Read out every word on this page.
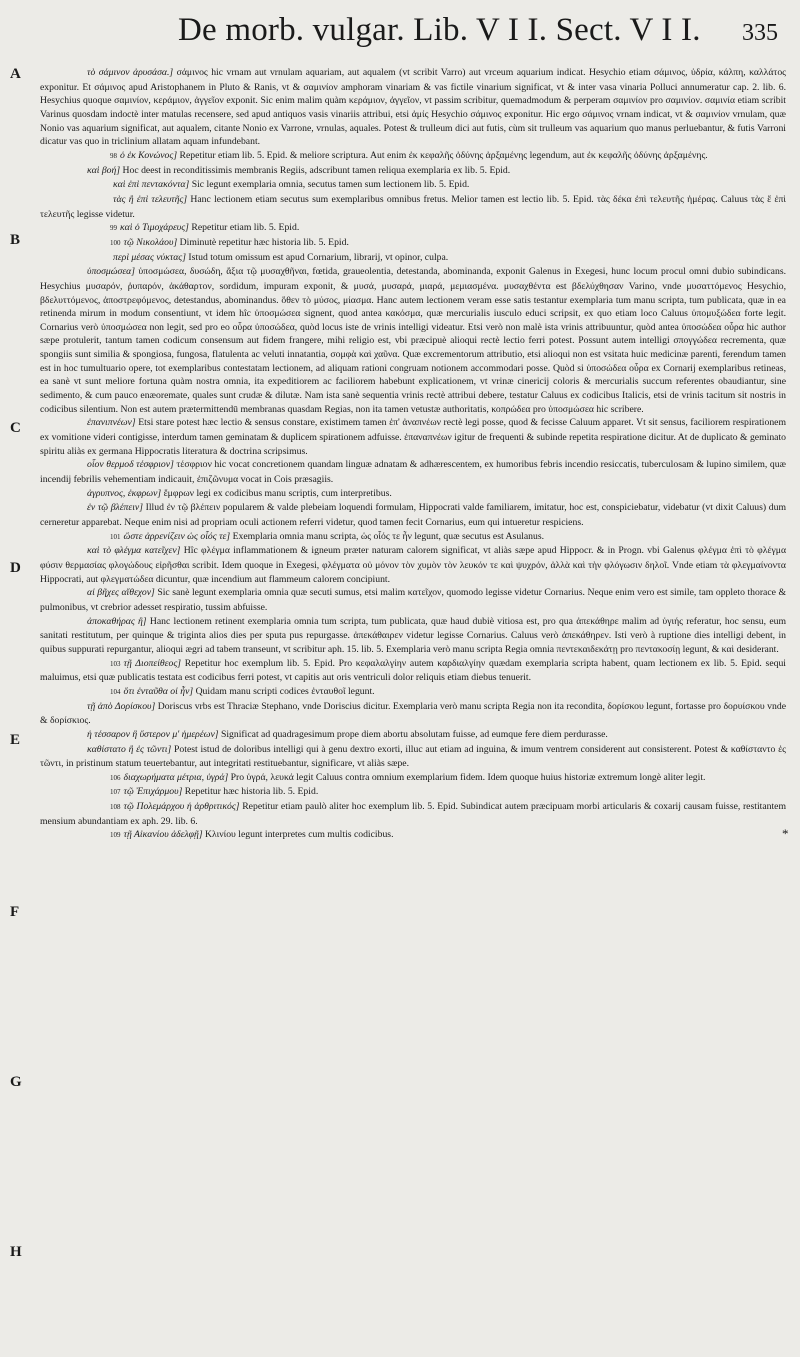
De morb. vulgar. Lib. V I I. Sect. V I I. 335
A
B
C
D
E
F
G
H
*

τὸ σάμινον ἀρυσάσα.] σάμινος hic vrnam aut vrnulam aquariam, aut aqualem (vt scribit Varro) aut vrceum aquarium indicat. Hesychio etiam σάμινος, ὑδρία, κάλπη, καλλάτος exponitur. Et σάμινος apud Aristophanem in Pluto & Ranis, vt & σαμινίον amphoram vinariam & vas fictile vinarium significat, vt & inter vasa vinaria Polluci annumeratur cap. 2. lib. 6. Hesychius quoque σαμινίον, κεράμιον, ἀγγεῖον exponit. Sic enim malim quàm κεράμιον, ἀγγεῖον, vt passim scribitur, quemadmodum & perperam σαμινίον pro σαμινίον. σαμινία etiam scribit Varinus quosdam indoctè inter matulas recensere, sed apud antiquos vasis vinariis attribui, etsi ἀμίς Hesychio σάμινος exponitur. Hic ergo σάμινος vrnam indicat, vt & σαμινίον vrnulam, quæ Nonio vas aquarium significat, aut aqualem, citante Nonio ex Varrone, vrnulas, aquales. Potest & trulleum dici aut futis, cùm sit trulleum vas aquarium quo manus perluebantur, & futis Varroni dicatur vas quo in triclinium allatam aquam infundebant.

98 ὁ ἐκ Κονώνος] Repetitur etiam lib. 5. Epid. & meliore scriptura. Aut enim ἐκ κεφαλῆς ὀδύνης ἀρξαμένης legendum, aut ἐκ κεφαλῆς ὀδύνης ἀρξαμένης.

καὶ βοή] Hoc deest in reconditissimis membranis Regiis, adscribunt tamen reliqua exemplaria ex lib. 5. Epid.

καὶ ἐπὶ πεντακόντα] Sic legunt exemplaria omnia, secutus tamen sum lectionem lib. 5. Epid.

τὰς ἢ ἐπὶ τελευτῆς] Hanc lectionem etiam secutus sum exemplaribus omnibus fretus. Melior tamen est lectio lib. 5. Epid. τὰς δέκα ἐπὶ τελευτῆς ἡμέρας. Caluus τὰς ἕ ἐπὶ τελευτῆς legisse videtur.

99 καὶ ὁ Τιμοχάρευς] Repetitur etiam lib. 5. Epid.

100 τῷ Νικολάου] Diminutè repetitur hæc historia lib. 5. Epid.

περὶ μέσας νύκτας] Istud totum omissum est apud Cornarium, librarij, vt opinor, culpa.

ὑποσμώσεα] ὑποσμώσεα, δυσώδη, ἄξια τῷ μυσαχθῆναι, fœtida, graueolentia, detestanda, abominanda, exponit Galenus in Exegesi, hunc locum procul omni dubio subindicans. Hesychius μυσαρόν, ῥυπαρόν, ἀκάθαρτον, sordidum, impuram exponit, & μυσά, μυσαρά, μιαρά, μεμιασμένα. μυσαχθέντα est βδελύχθησαν Varino, vnde μυσαττόμενος Hesychio, βδελυττόμενος, ἀποστρεφόμενος, detestandus, abominandus. ὅθεν τὸ μύσος, μίασμα. Hanc autem lectionem veram esse satis testantur exemplaria tum manu scripta, tum publicata, quæ in ea retinenda mirum in modum consentiunt, vt idem hîc ὑποσμώσεα signent, quod antea κακόσμα, quæ mercurialis iusculo educi scripsit, ex quo etiam loco Caluus ὑπομυξώδεα forte legit. Cornarius verò ὑποσμώσεα non legit, sed pro eo οὖρα ὑποσώδεα, quòd locus iste de vrinis intelligi videatur. Etsi verò non malè ista vrinis attribuuntur, quòd antea ὑποσώδεα οὖρα hic author sæpe protulerit, tantum tamen codicum consensum aut fidem frangere, mihi religio est, vbi præcipuè alioqui rectè lectio ferri potest. Possunt autem intelligi σπογγώδεα recrementa, quæ spongiis sunt similia & spongiosa, fungosa, flatulenta ac veluti innatantia, σομφὰ καὶ χαῦνα. Quæ excrementorum attributio, etsi alioqui non est vsitata huic medicinæ parenti, ferendum tamen est in hoc tumultuario opere, tot exemplaribus contestatam lectionem, ad aliquam rationi congruam notionem accommodari posse. Quòd si ὑποσώδεα οὖρα ex Cornarij exemplaribus retineas, ea sanè vt sunt meliore fortuna quàm nostra omnia, ita expeditiorem ac faciliorem habebunt explicationem, vt vrinæ cinericij coloris & mercurialis succum referentes obaudiantur, sine sedimento, & cum pauco enæoremate, quales sunt crudæ & dilutæ. Nam ista sanè sequentia vrinis rectè attribui debere, testatur Caluus ex codicibus Italicis, etsi de vrinis tacitum sit nostris in codicibus silentium. Non est autem prætermittendū membranas quasdam Regias, non ita tamen vetustæ authoritatis, κοπρώδεα pro ὑποσμώσεα hic scribere.

ἐπανιπνέων] Etsi stare potest hæc lectio & sensus constare, existimem tamen ἐπ' ἀναπνέων rectè legi posse, quod & fecisse Caluum apparet. Vt sit sensus, faciliorem respirationem ex vomitione videri contigisse, interdum tamen geminatam & duplicem spirationem adfuisse. ἐπαναπνέων igitur de frequenti & subinde repetita respiratione dicitur. At de duplicato & geminato spiritu aliàs ex germana Hippocratis literatura & doctrina scripsimus.

οἷον θερμοδ τέσφριον] τέσφριον hic vocat concretionem quandam linguæ adnatam & adhærescentem, ex humoribus febris incendio resiccatis, tuberculosam & lupino similem, quæ incendij febrilis vehementiam indicauit, ἐπιζῶνυμα vocat in Cois præsagiis.

ἀγρυπνος, ἐκφρων] ἔμφρων legi ex codicibus manu scriptis, cum interpretibus.

ἐν τῷ βλέπειν] Illud ἐν τῷ βλέπειν popularem & valde plebeiam loquendi formulam, Hippocrati valde familiarem, imitatur, hoc est, conspiciebatur, videbatur (vt dixit Caluus) dum cerneretur apparebat. Neque enim nisi ad propriam oculi actionem referri videtur, quod tamen fecit Cornarius, eum qui intueretur respiciens.

101 ὥστε ἀρρενίζειν ὡς οἷός τε] Exemplaria omnia manu scripta, ὡς οἷός τε ἦν legunt, quæ secutus est Asulanus.

καὶ τὸ φλέγμα κατεῖχεν] Hîc φλέγμα inflammationem & igneum præter naturam calorem significat, vt aliàs sæpe apud Hippocr. & in Progn. vbi Galenus φλέγμα ἐπὶ τὸ φλέγμα φύσιν θερμασίας φλογώδους εἰρῆσθαι scribit. Idem quoque in Exegesi, φλέγματα οὐ μόνον τὸν χυμὸν τὸν λευκόν τε καὶ ψυχρόν, ἀλλὰ καὶ τὴν φλόγωσιν δηλοῖ. Vnde etiam τὰ φλεγμαίνοντα Hippocrati, aut φλεγματώδεα dicuntur, quæ incendium aut flammeum calorem concipiunt.

αἱ βῆχες αἴθεχον] Sic sanè legunt exemplaria omnia quæ secuti sumus, etsi malim κατεῖχον, quomodo legisse videtur Cornarius. Neque enim vero est simile, tam oppleto thorace & pulmonibus, vt crebrior adesset respiratio, tussim abfuisse.

ἀποκαθήρας ἢ] Hanc lectionem retinent exemplaria omnia tum scripta, tum publicata, quæ haud dubiè vitiosa est, pro qua ἀπεκάθηρε malim ad ὑγιής referatur, hoc sensu, eum sanitati restitutum, per quinque & triginta alios dies per sputa pus repurgasse. ἀπεκάθαιρεν videtur legisse Cornarius. Caluus verò ἀπεκάθηρεν. Isti verò à ruptione dies intelligi debent, in quibus suppurati repurgantur, alioqui ægri ad tabem transeunt, vt scribitur aph. 15. lib. 5. Exemplaria verò manu scripta Regia omnia πεντεκαιδεκάτῃ pro πεντακοσίῃ legunt, & καὶ desiderant.

103 τῇ Διοπείθεος] Repetitur hoc exemplum lib. 5. Epid. Pro κεφαλαλγίην autem καρδιαλγίην quædam exemplaria scripta habent, quam lectionem ex lib. 5. Epid. sequi maluimus, etsi quæ publicatis testata est codicibus ferri potest, vt capitis aut oris ventriculi dolor reliquis etiam diebus tenuerit.

104 ὅτι ἐνταῦθα οἱ ἦν] Quidam manu scripti codices ἐνταυθοῖ legunt.

τῇ ἀπὸ Δορίσκου] Doriscus vrbs est Thraciæ Stephano, vnde Doriscius dicitur. Exemplaria verò manu scripta Regia non ita recondita, δορίσκου legunt, fortasse pro δορυίσκου vnde & δορίσκιος.

ἡ τέσσαρον ἢ ὕστερον μ' ἡμερέων] Significat ad quadragesimum prope diem abortu absolutam fuisse, ad eumque fere diem perdurasse.

καθίστατο ἢ ἐς τῶντι] Potest istud de doloribus intelligi qui à genu dextro exorti, illuc aut etiam ad inguina, & imum ventrem considerent aut consisterent. Potest & καθίσταντο ἐς τῶντι, in pristinum statum teuertebantur, aut integritati restituebantur, significare, vt aliàs sæpe.

106 διαχωρήματα μέτρια, ὑγρά] Pro ὑγρά, λευκά legit Caluus contra omnium exemplarium fidem. Idem quoque huius historiæ extremum longè aliter legit.

107 τῷ Ἐπιχάρμου] Repetitur hæc historia lib. 5. Epid.

108 τῷ Πολεμάρχου ἡ ἀρθριτικός] Repetitur etiam paulò aliter hoc exemplum lib. 5. Epid. Subindicat autem præcipuam morbi articularis & coxarij causam fuisse, restitantem mensium abundantiam ex aph. 29. lib. 6.

109 τῇ Αἰκανίου ἀδελφῇ] Κλινίου legunt interpretes cum multis codicibus.
